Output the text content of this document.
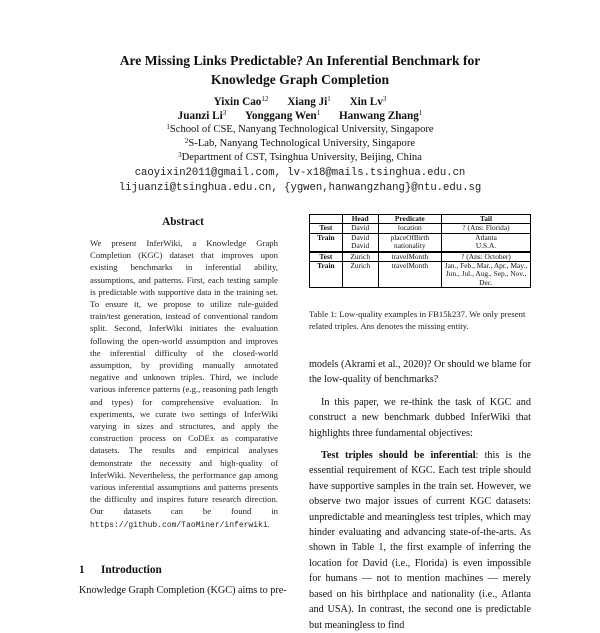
Are Missing Links Predictable? An Inferential Benchmark for
Knowledge Graph Completion
Yixin Cao$^{12}$ Xiang Ji$^1$ Xin Lv$^3$
Juanzi Li$^3$ Yonggang Wen$^1$ Hanwang Zhang$^1$
$^1$School of CSE, Nanyang Technological University, Singapore
$^2$S-Lab, Nanyang Technological University, Singapore
$^3$Department of CST, Tsinghua University, Beijing, China
caoyixin2011@gmail.com, lv-x18@mails.tsinghua.edu.cn
lijuanzi@tsinghua.edu.cn, {ygwen,hanwangzhang}@ntu.edu.sg
Abstract
We present InferWiki, a Knowledge Graph Completion (KGC) dataset that improves upon existing benchmarks in inferential ability, assumptions, and patterns. First, each testing sample is predictable with supportive data in the training set. To ensure it, we propose to utilize rule-guided train/test generation, instead of conventional random split. Second, InferWiki initiates the evaluation following the open-world assumption and improves the inferential difficulty of the closed-world assumption, by providing manually annotated negative and unknown triples. Third, we include various inference patterns (e.g., reasoning path length and types) for comprehensive evaluation. In experiments, we curate two settings of InferWiki varying in sizes and structures, and apply the construction process on CoDEx as comparative datasets. The results and empirical analyses demonstrate the necessity and high-quality of InferWiki. Nevertheless, the performance gap among various inferential assumptions and patterns presents the difficulty and inspires future research direction. Our datasets can be found in https://github.com/TaoMiner/inferwiki.
1 Introduction
Knowledge Graph Completion (KGC) aims to pre-
	Head	Predicate	Tail
Test	David	location	? (Ans: Florida)
Train	David	placeOfBirth	Atlanta
	David	nationality	U.S.A.
Test	Zurich	travelMonth	? (Ans: October)
Train	Zurich	travelMonth	Jan., Feb., Mar., Apr., May., Jun., Jul., Aug., Sep., Nov., Dec.
Table 1: Low-quality examples in FB15k237. We only present related triples. Ans denotes the missing entity.

models (Akrami et al., 2020)? Or should we blame for the low-quality of benchmarks?

In this paper, we re-think the task of KGC and construct a new benchmark dubbed InferWiki that highlights three fundamental objectives:

Test triples should be inferential: this is the essential requirement of KGC. Each test triple should have supportive samples in the train set. However, we observe two major issues of current KGC datasets: unpredictable and meaningless test triples, which may hinder evaluating and advancing state-of-the-arts. As shown in Table 1, the first example of inferring the location for David (i.e., Florida) is even impossible for humans — not to mention machines — merely based on his birthplace and nationality (i.e., Atlanta and USA). In contrast, the second one is predictable but meaningless to find
